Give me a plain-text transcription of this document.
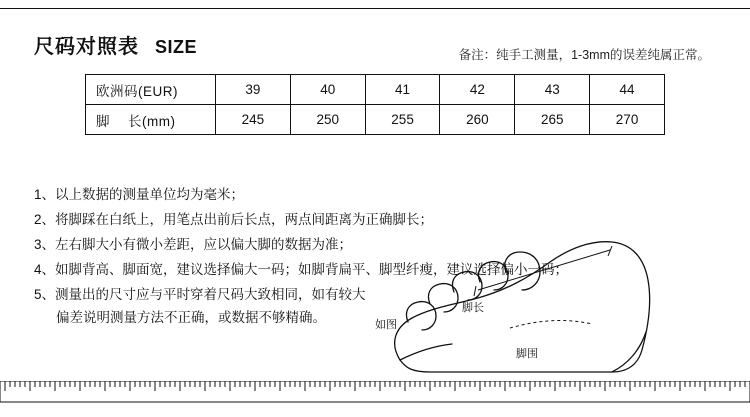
尺码对照表 SIZE	备注：纯手工测量，1-3mm的误差纯属正常。
欧洲码(EUR)	39	40	41	42	43	44
脚 长(mm)	245	250	255	260	265	270
1、以上数据的测量单位均为毫米；
2、将脚踩在白纸上，用笔点出前后长点，两点间距离为正确脚长；
3、左右脚大小有微小差距，应以偏大脚的数据为准；
4、如脚背高、脚面宽，建议选择偏大一码；如脚背扁平、脚型纤瘦，建议选择偏小一码；
5、测量出的尺寸应与平时穿着尺码大致相同，如有较大
偏差说明测量方法不正确，或数据不够精确。	如图
脚长
脚围
